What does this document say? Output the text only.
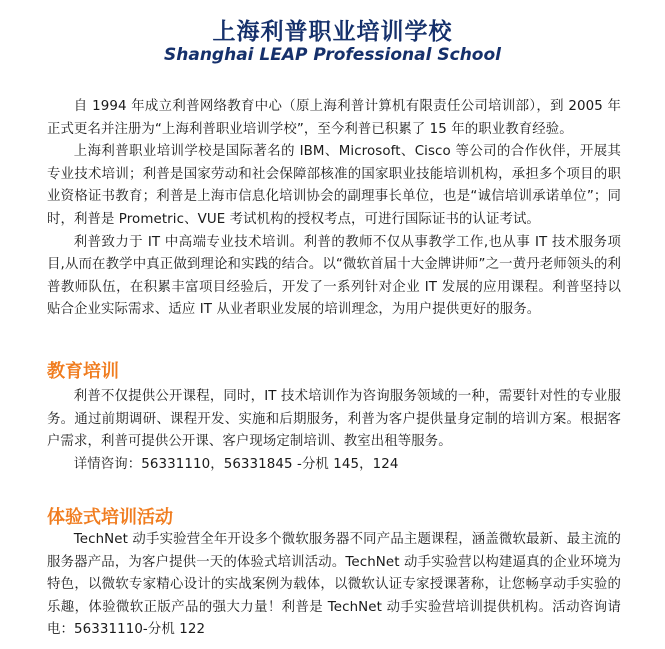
上海利普职业培训学校
Shanghai LEAP Professional School

自 1994 年成立利普网络教育中心（原上海利普计算机有限责任公司培训部），到 2005 年正式更名并注册为“上海利普职业培训学校”，至今利普已积累了 15 年的职业教育经验。

上海利普职业培训学校是国际著名的 IBM、Microsoft、Cisco 等公司的合作伙伴，开展其专业技术培训；利普是国家劳动和社会保障部核准的国家职业技能培训机构，承担多个项目的职业资格证书教育；利普是上海市信息化培训协会的副理事长单位，也是“诚信培训承诺单位”；同时，利普是 Prometric、VUE 考试机构的授权考点，可进行国际证书的认证考试。

利普致力于 IT 中高端专业技术培训。利普的教师不仅从事教学工作,也从事 IT 技术服务项目,从而在教学中真正做到理论和实践的结合。以“微软首届十大金牌讲师”之一黄丹老师领头的利普教师队伍，在积累丰富项目经验后，开发了一系列针对企业 IT 发展的应用课程。利普坚持以贴合企业实际需求、适应 IT 从业者职业发展的培训理念，为用户提供更好的服务。

教育培训

利普不仅提供公开课程，同时，IT 技术培训作为咨询服务领域的一种，需要针对性的专业服务。通过前期调研、课程开发、实施和后期服务，利普为客户提供量身定制的培训方案。根据客户需求，利普可提供公开课、客户现场定制培训、教室出租等服务。

详情咨询：56331110，56331845 -分机 145，124

体验式培训活动

TechNet 动手实验营全年开设多个微软服务器不同产品主题课程，涵盖微软最新、最主流的服务器产品，为客户提供一天的体验式培训活动。TechNet 动手实验营以构建逼真的企业环境为特色，以微软专家精心设计的实战案例为载体，以微软认证专家授课著称，让您畅享动手实验的乐趣，体验微软正版产品的强大力量！利普是 TechNet 动手实验营培训提供机构。活动咨询请电：56331110-分机 122
